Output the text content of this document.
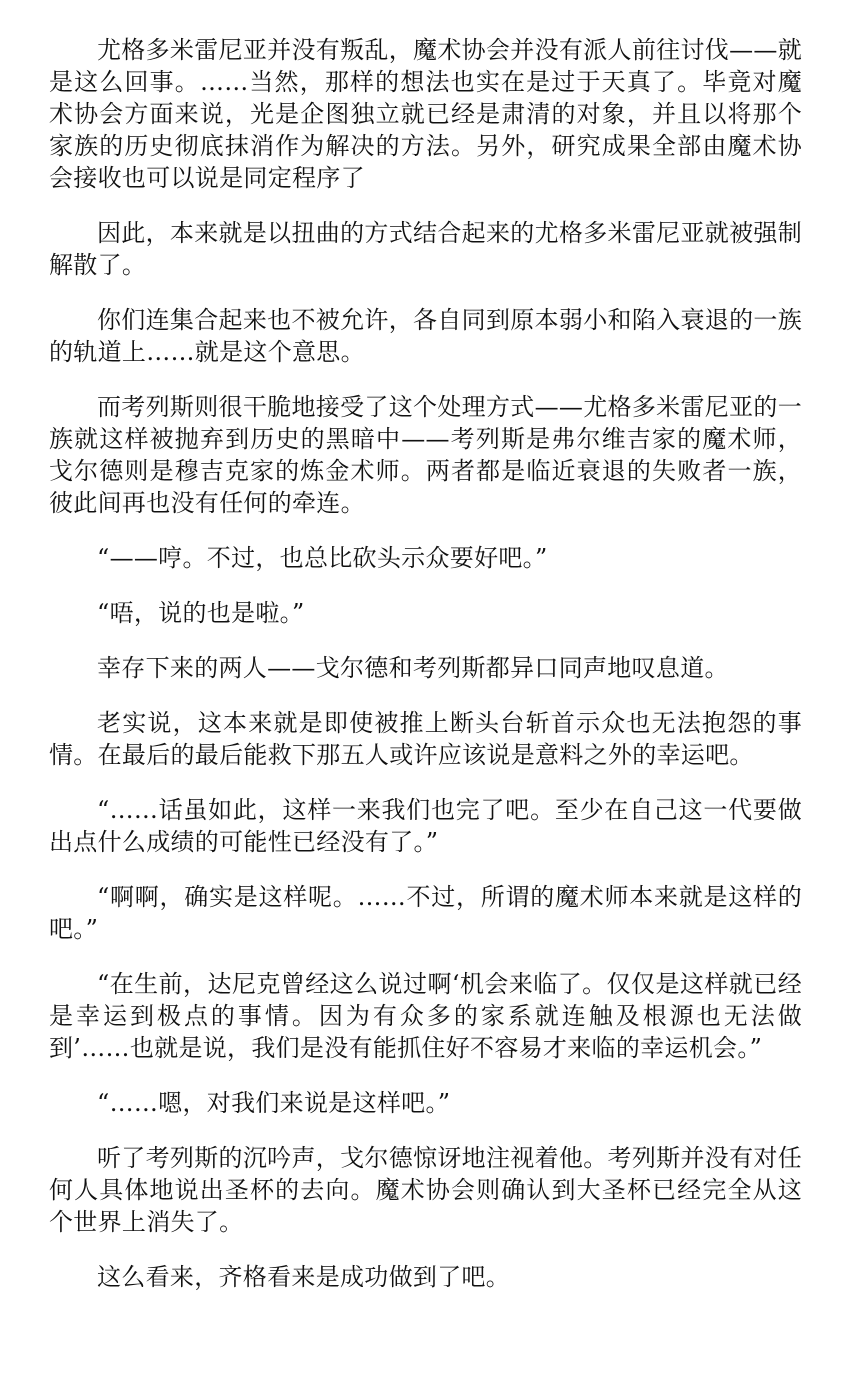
尤格多米雷尼亚并没有叛乱，魔术协会并没有派人前往讨伐——就是这么回事。……当然，那样的想法也实在是过于天真了。毕竟对魔术协会方面来说，光是企图独立就已经是肃清的对象，并且以将那个家族的历史彻底抹消作为解决的方法。另外，研究成果全部由魔术协会接收也可以说是同定程序了

因此，本来就是以扭曲的方式结合起来的尤格多米雷尼亚就被强制解散了。

你们连集合起来也不被允许，各自同到原本弱小和陷入衰退的一族的轨道上……就是这个意思。

而考列斯则很干脆地接受了这个处理方式——尤格多米雷尼亚的一族就这样被抛弃到历史的黑暗中——考列斯是弗尔维吉家的魔术师，戈尔德则是穆吉克家的炼金术师。两者都是临近衰退的失败者一族，彼此间再也没有任何的牵连。

“——哼。不过，也总比砍头示众要好吧。”

“唔，说的也是啦。”

幸存下来的两人——戈尔德和考列斯都异口同声地叹息道。

老实说，这本来就是即使被推上断头台斩首示众也无法抱怨的事情。在最后的最后能救下那五人或许应该说是意料之外的幸运吧。

“……话虽如此，这样一来我们也完了吧。至少在自己这一代要做出点什么成绩的可能性已经没有了。”

“啊啊，确实是这样呢。……不过，所谓的魔术师本来就是这样的吧。”

“在生前，达尼克曾经这么说过啊‘机会来临了。仅仅是这样就已经是幸运到极点的事情。因为有众多的家系就连触及根源也无法做到’……也就是说，我们是没有能抓住好不容易才来临的幸运机会。”

“……嗯，对我们来说是这样吧。”

听了考列斯的沉吟声，戈尔德惊讶地注视着他。考列斯并没有对任何人具体地说出圣杯的去向。魔术协会则确认到大圣杯已经完全从这个世界上消失了。

这么看来，齐格看来是成功做到了吧。
